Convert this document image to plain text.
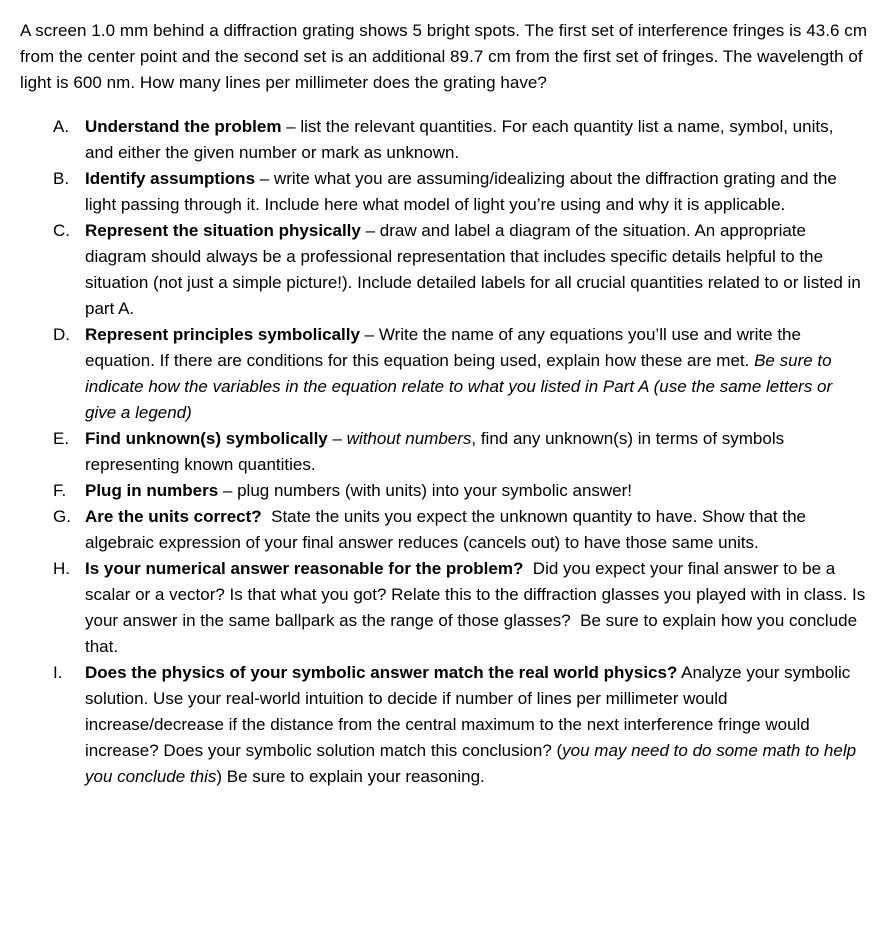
A screen 1.0 mm behind a diffraction grating shows 5 bright spots. The first set of interference fringes is 43.6 cm from the center point and the second set is an additional 89.7 cm from the first set of fringes. The wavelength of light is 600 nm. How many lines per millimeter does the grating have?

A. Understand the problem – list the relevant quantities. For each quantity list a name, symbol, units, and either the given number or mark as unknown.
B. Identify assumptions – write what you are assuming/idealizing about the diffraction grating and the light passing through it. Include here what model of light you’re using and why it is applicable.
C. Represent the situation physically – draw and label a diagram of the situation. An appropriate diagram should always be a professional representation that includes specific details helpful to the situation (not just a simple picture!). Include detailed labels for all crucial quantities related to or listed in part A.
D. Represent principles symbolically – Write the name of any equations you’ll use and write the equation. If there are conditions for this equation being used, explain how these are met. Be sure to indicate how the variables in the equation relate to what you listed in Part A (use the same letters or give a legend)
E. Find unknown(s) symbolically – without numbers, find any unknown(s) in terms of symbols representing known quantities.
F. Plug in numbers – plug numbers (with units) into your symbolic answer!
G. Are the units correct?  State the units you expect the unknown quantity to have. Show that the algebraic expression of your final answer reduces (cancels out) to have those same units.
H. Is your numerical answer reasonable for the problem?  Did you expect your final answer to be a scalar or a vector? Is that what you got? Relate this to the diffraction glasses you played with in class. Is your answer in the same ballpark as the range of those glasses?  Be sure to explain how you conclude that.
I. Does the physics of your symbolic answer match the real world physics? Analyze your symbolic solution. Use your real-world intuition to decide if number of lines per millimeter would increase/decrease if the distance from the central maximum to the next interference fringe would increase? Does your symbolic solution match this conclusion? (you may need to do some math to help you conclude this) Be sure to explain your reasoning.
